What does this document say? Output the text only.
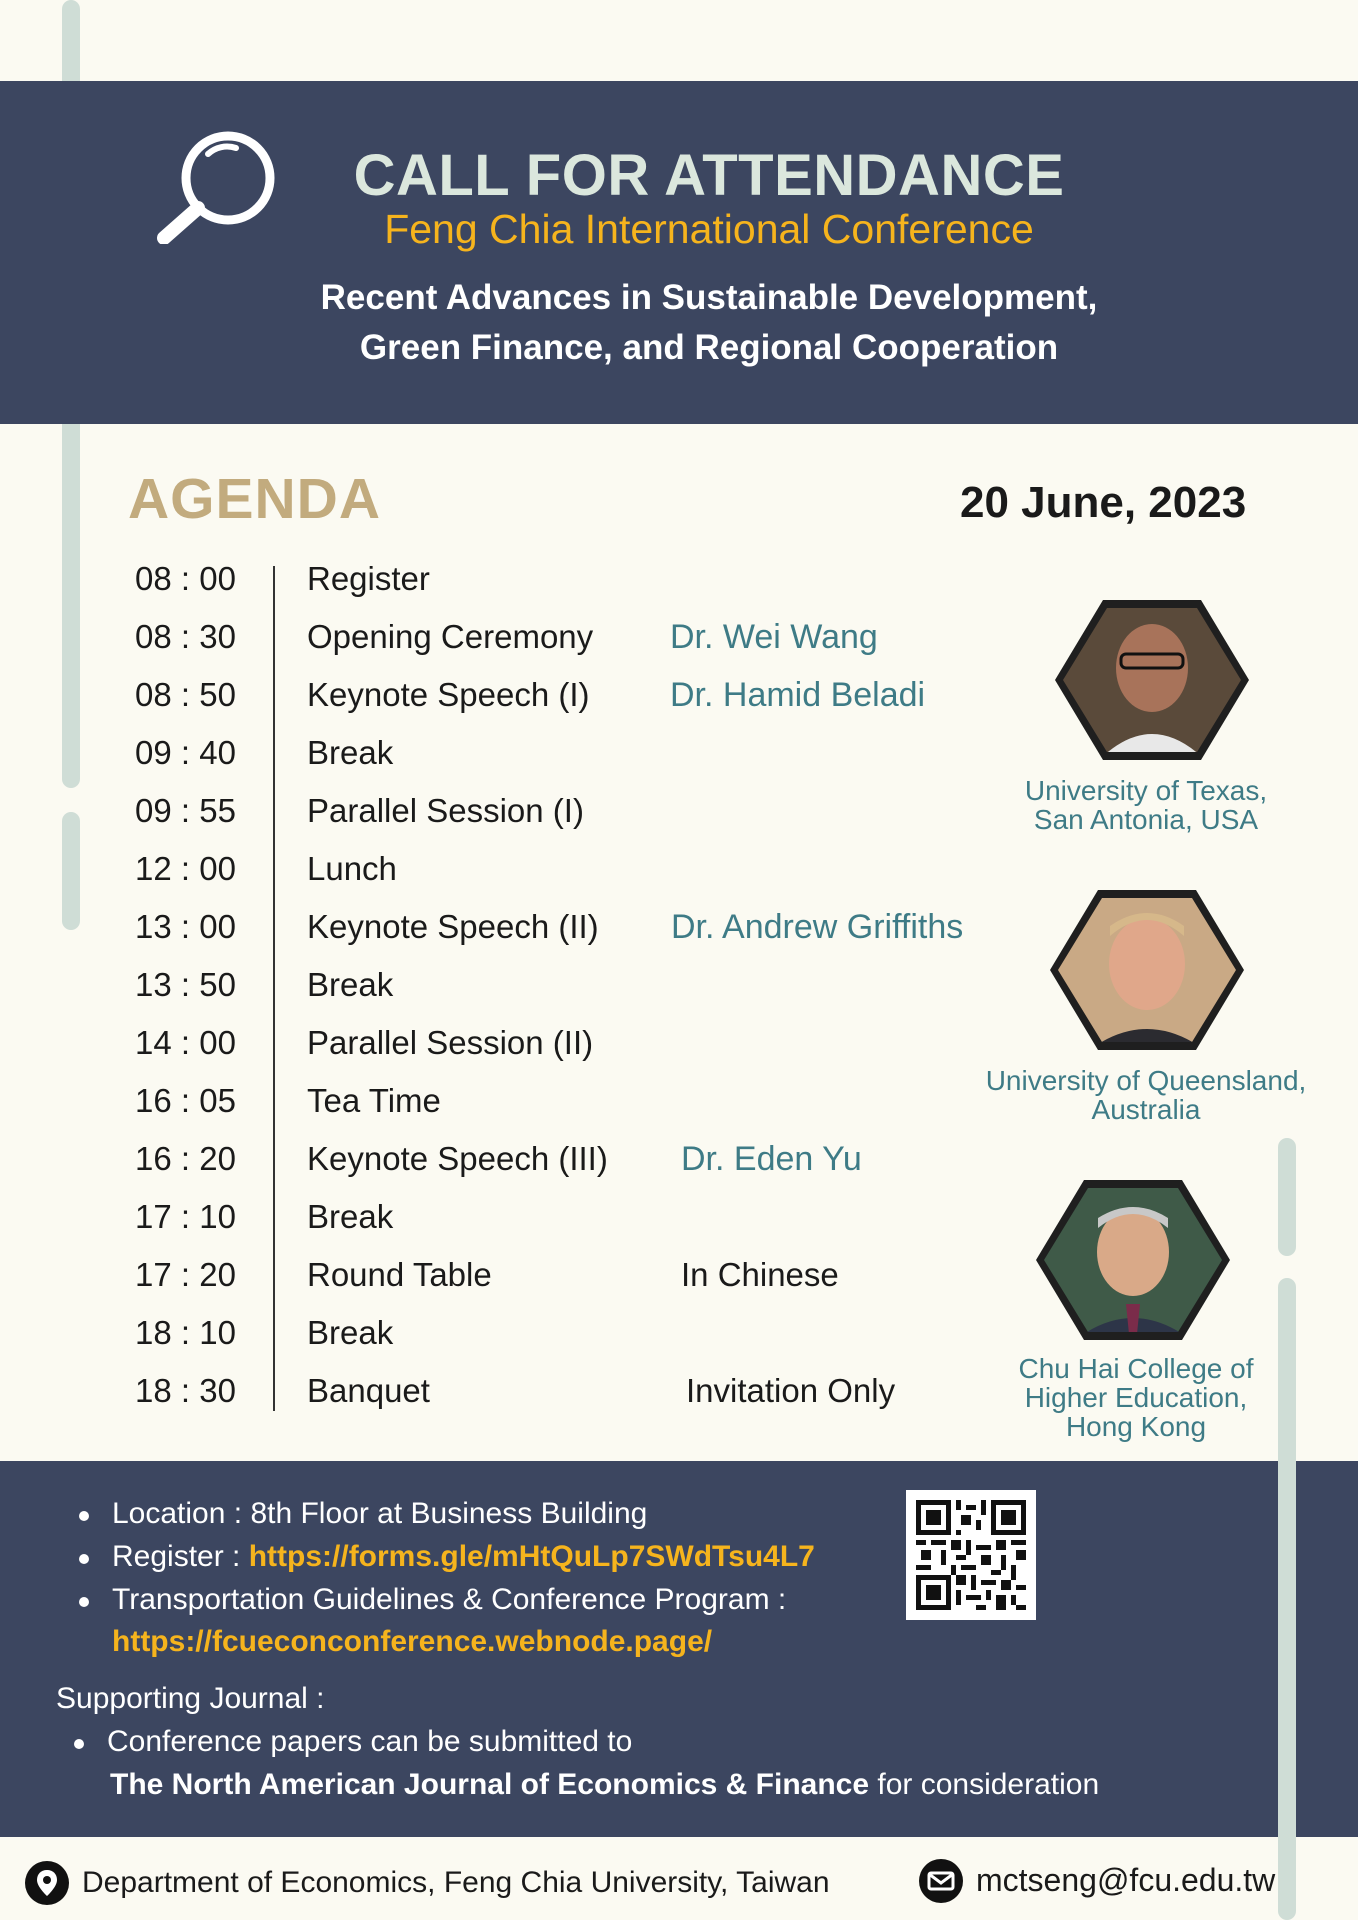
CALL FOR ATTENDANCE
Feng Chia International Conference
Recent Advances in Sustainable Development,
Green Finance, and Regional Cooperation
AGENDA	20 June, 2023
08 : 00 Register
08 : 30 Opening Ceremony Dr. Wei Wang
08 : 50 Keynote Speech (I) Dr. Hamid Beladi
09 : 40 Break
09 : 55 Parallel Session (I)
12 : 00 Lunch
13 : 00 Keynote Speech (II) Dr. Andrew Griffiths
13 : 50 Break
14 : 00 Parallel Session (II)
16 : 05 Tea Time
16 : 20 Keynote Speech (III) Dr. Eden Yu
17 : 10 Break
17 : 20 Round Table	In Chinese
18 : 10 Break
18 : 30 Banquet	Invitation Only
University of Texas,
San Antonia, USA
University of Queensland,
Australia
Chu Hai College of
Higher Education,
Hong Kong
Location : 8th Floor at Business Building
Register : https://forms.gle/mHtQuLp7SWdTsu4L7
Transportation Guidelines & Conference Program :
https://fcueconconference.webnode.page/
Supporting Journal :
Conference papers can be submitted to
The North American Journal of Economics & Finance for consideration
Department of Economics, Feng Chia University, Taiwan	mctseng@fcu.edu.tw
